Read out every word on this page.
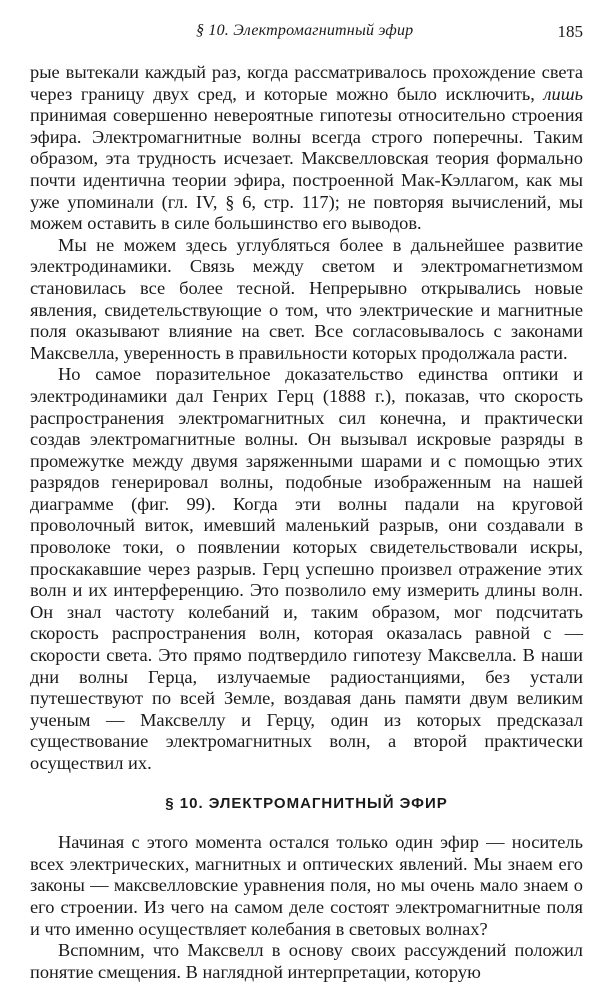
§ 10. Электромагнитный эфир	185

рые вытекали каждый раз, когда рассматривалось прохождение света через границу двух сред, и которые можно было исключить, лишь принимая совершенно невероятные гипотезы относительно строения эфира. Электромагнитные волны всегда строго поперечны. Таким образом, эта трудность исчезает. Максвелловская теория формально почти идентична теории эфира, построенной Мак-Кэллагом, как мы уже упоминали (гл. IV, § 6, стр. 117); не повторяя вычислений, мы можем оставить в силе большинство его выводов.

Мы не можем здесь углубляться более в дальнейшее развитие электродинамики. Связь между светом и электромагнетизмом становилась все более тесной. Непрерывно открывались новые явления, свидетельствующие о том, что электрические и магнитные поля оказывают влияние на свет. Все согласовывалось с законами Максвелла, уверенность в правильности которых продолжала расти.

Но самое поразительное доказательство единства оптики и электродинамики дал Генрих Герц (1888 г.), показав, что скорость распространения электромагнитных сил конечна, и практически создав электромагнитные волны. Он вызывал искровые разряды в промежутке между двумя заряженными шарами и с помощью этих разрядов генерировал волны, подобные изображенным на нашей диаграмме (фиг. 99). Когда эти волны падали на круговой проволочный виток, имевший маленький разрыв, они создавали в проволоке токи, о появлении которых свидетельствовали искры, проскакавшие через разрыв. Герц успешно произвел отражение этих волн и их интерференцию. Это позволило ему измерить длины волн. Он знал частоту колебаний и, таким образом, мог подсчитать скорость распространения волн, которая оказалась равной с — скорости света. Это прямо подтвердило гипотезу Максвелла. В наши дни волны Герца, излучаемые радиостанциями, без устали путешествуют по всей Земле, воздавая дань памяти двум великим ученым — Максвеллу и Герцу, один из которых предсказал существование электромагнитных волн, а второй практически осуществил их.

§ 10. ЭЛЕКТРОМАГНИТНЫЙ ЭФИР

Начиная с этого момента остался только один эфир — носитель всех электрических, магнитных и оптических явлений. Мы знаем его законы — максвелловские уравнения поля, но мы очень мало знаем о его строении. Из чего на самом деле состоят электромагнитные поля и что именно осуществляет колебания в световых волнах?

Вспомним, что Максвелл в основу своих рассуждений положил понятие смещения. В наглядной интерпретации, которую
